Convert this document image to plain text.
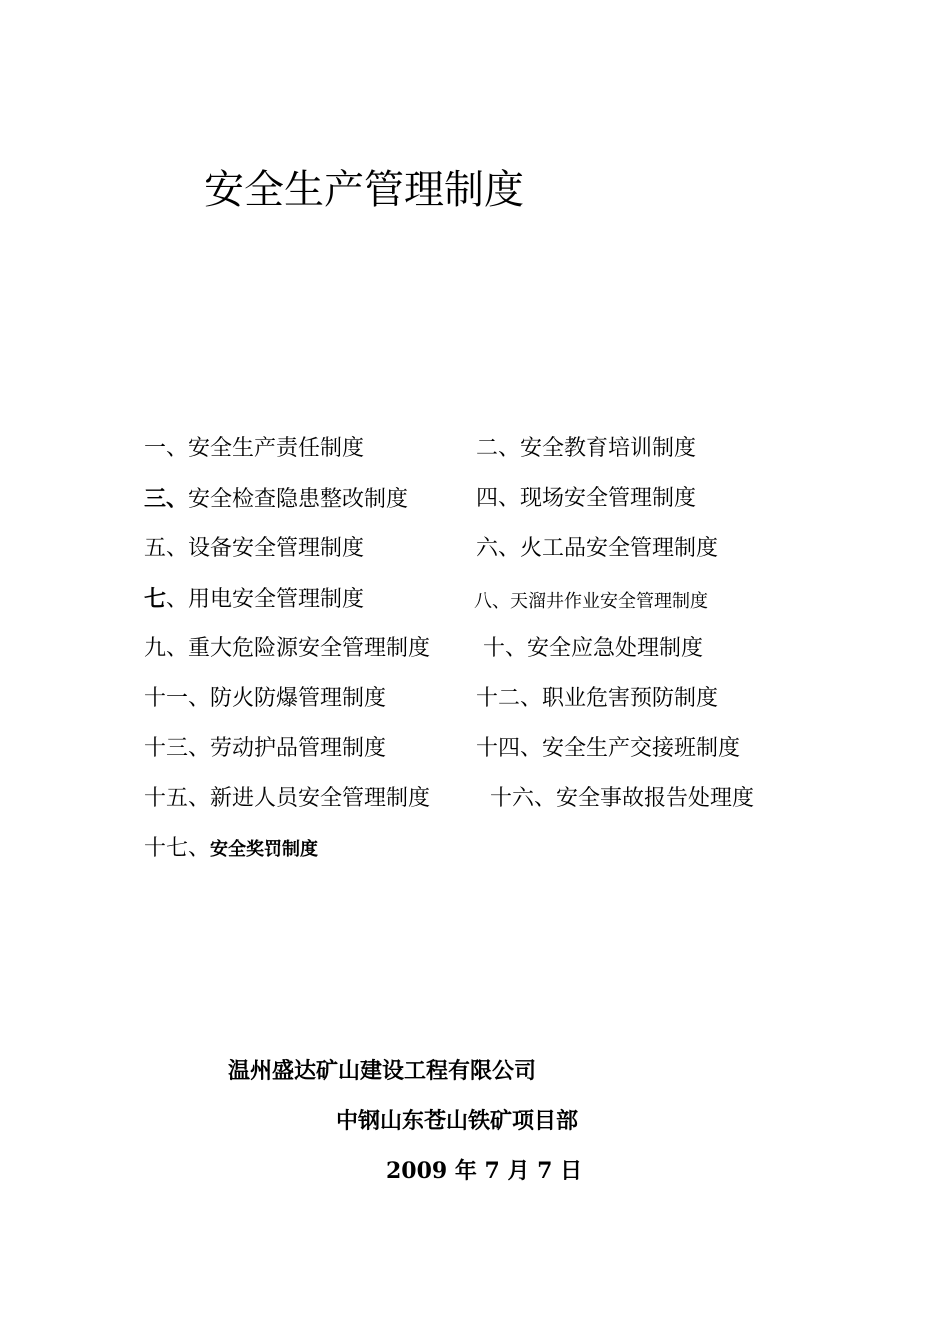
安全生产管理制度
一、安全生产责任制度	二、安全教育培训制度
三、安全检查隐患整改制度	四、现场安全管理制度
五、设备安全管理制度	六、火工品安全管理制度
七、用电安全管理制度	八、天溜井作业安全管理制度
九、重大危险源安全管理制度 十、安全应急处理制度
十一、防火防爆管理制度	十二、职业危害预防制度
十三、劳动护品管理制度	十四、安全生产交接班制度
十五、新进人员安全管理制度	十六、安全事故报告处理度
十七、安全奖罚制度
温州盛达矿山建设工程有限公司
中钢山东苍山铁矿项目部
2009 年 7 月 7 日
